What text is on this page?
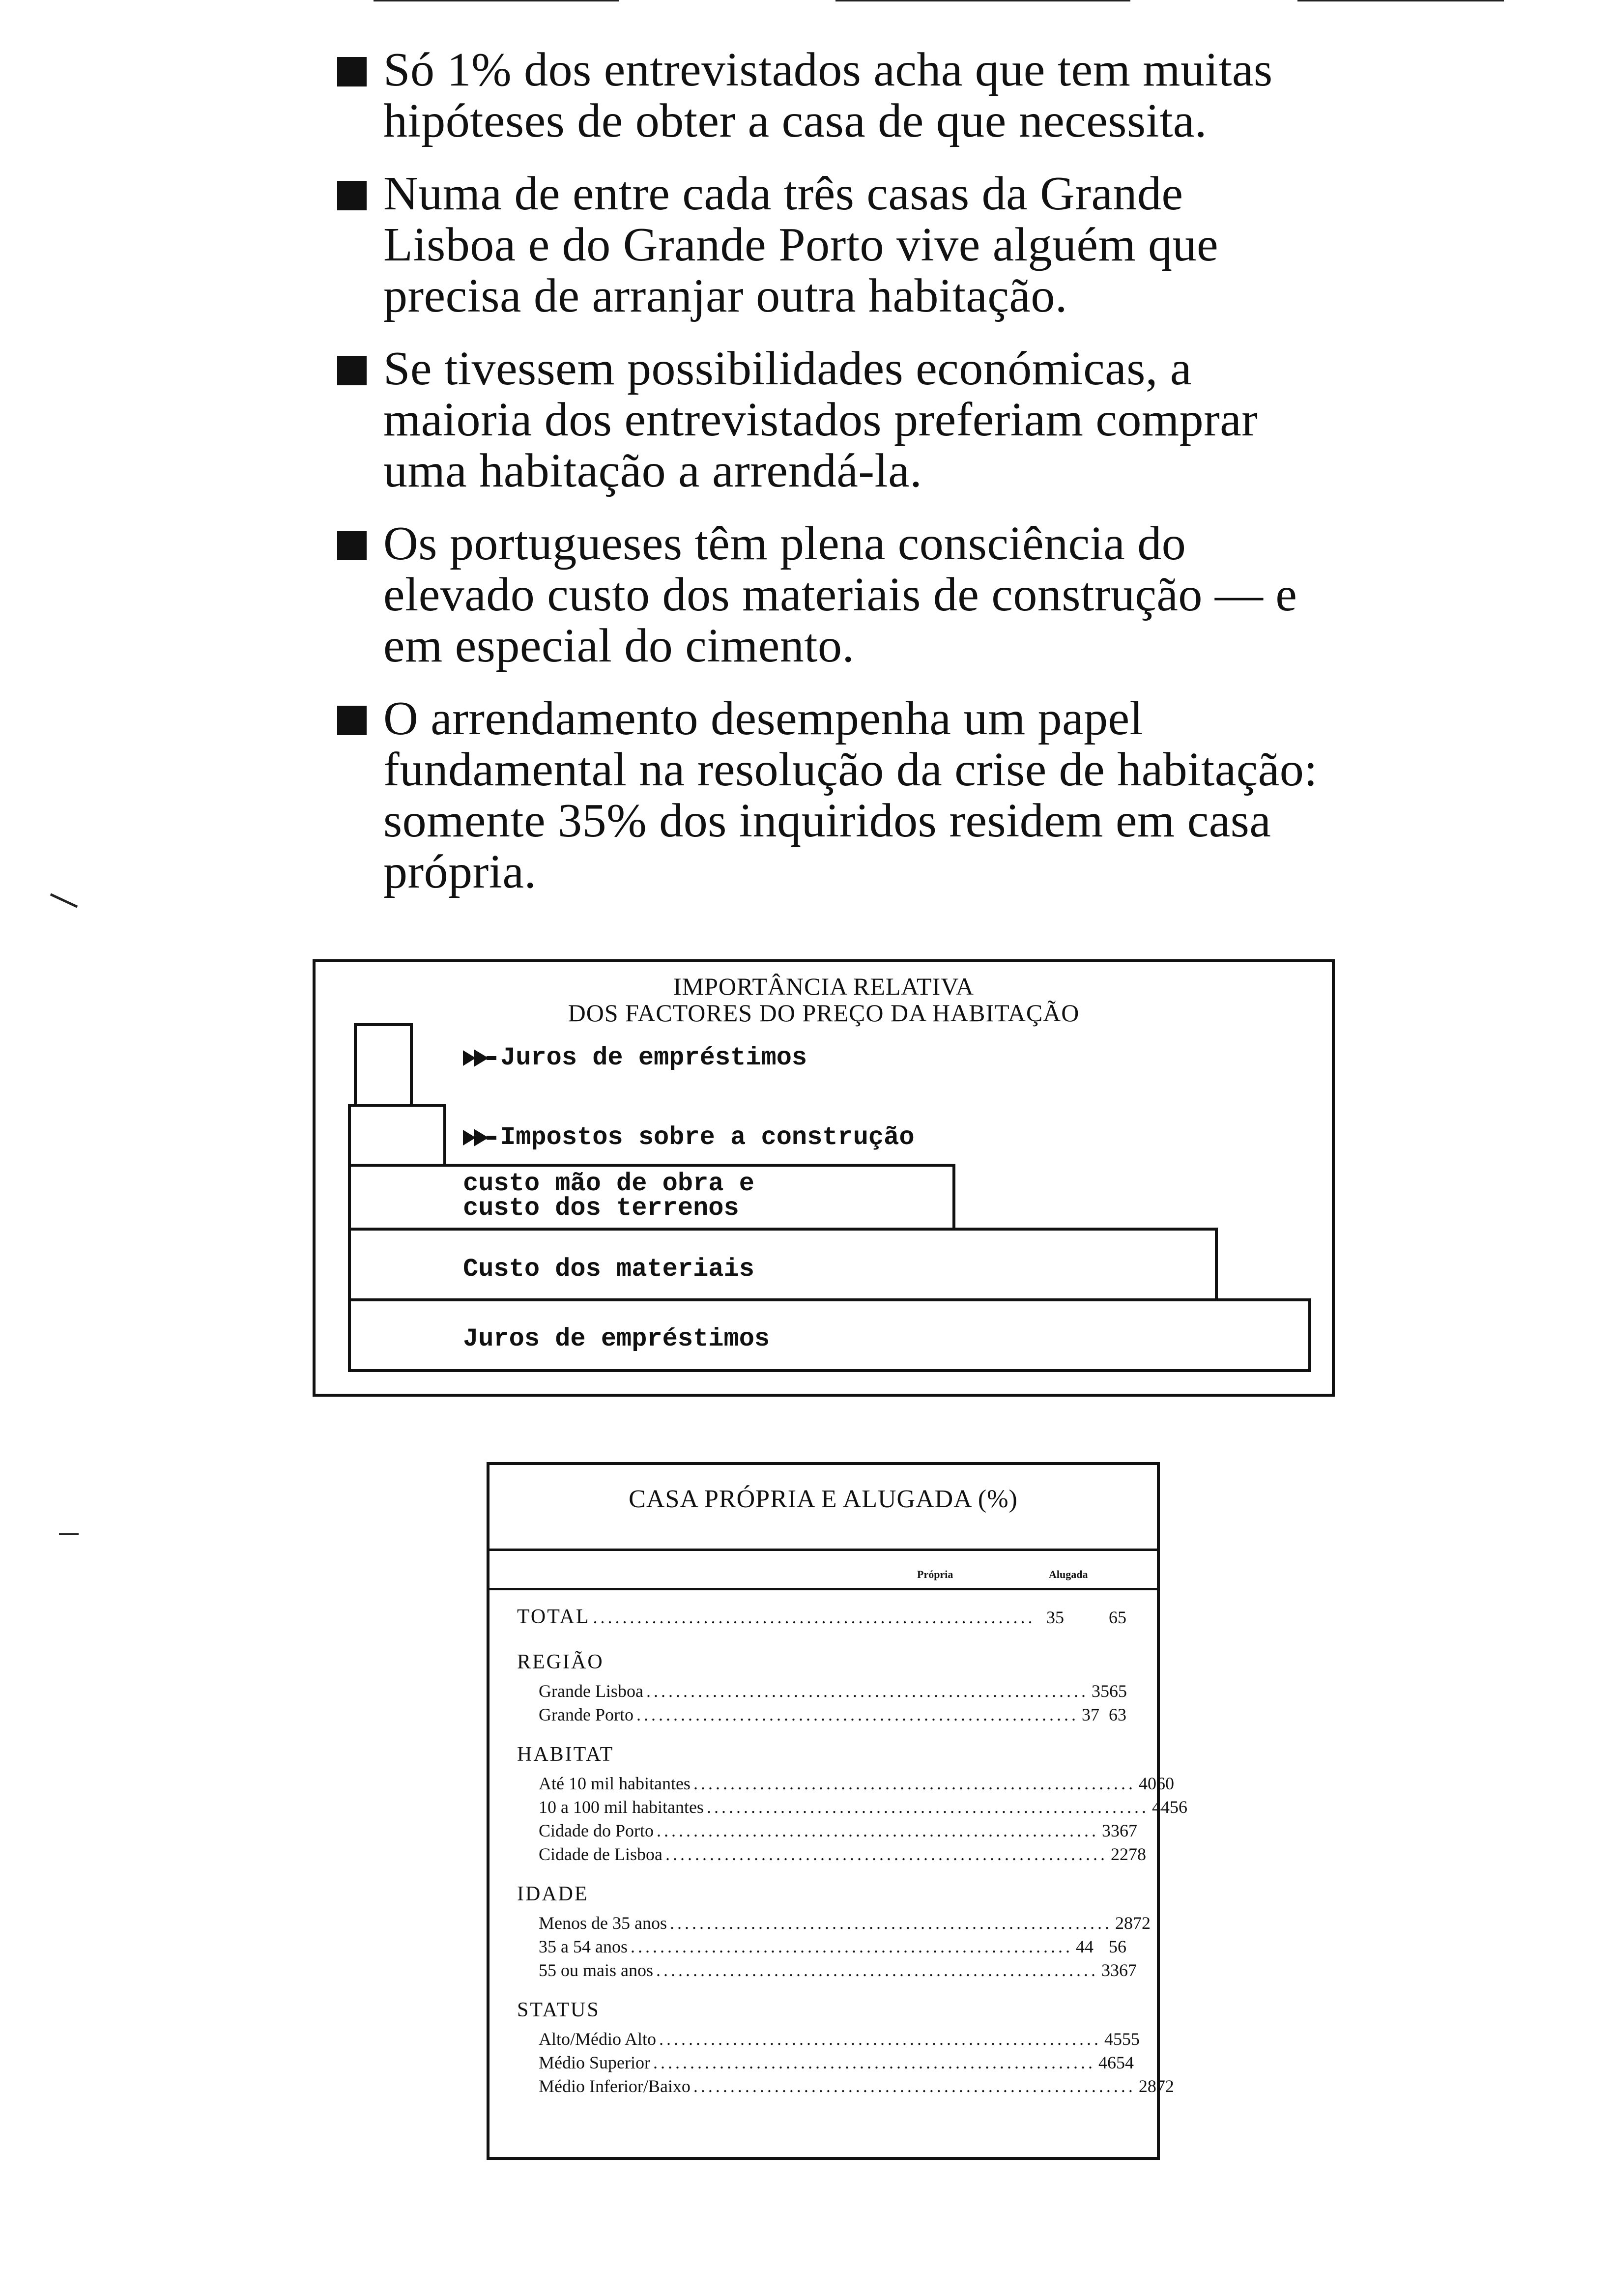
Só 1% dos entrevistados acha que tem muitas hipóteses de obter a casa de que necessita.
Numa de entre cada três casas da Grande Lisboa e do Grande Porto vive alguém que precisa de arranjar outra habitação.
Se tivessem possibilidades económicas, a maioria dos entrevistados preferiam comprar uma habitação a arrendá-la.
Os portugueses têm plena consciência do elevado custo dos materiais de construção — e em especial do cimento.
O arrendamento desempenha um papel fundamental na resolução da crise de habitação: somente 35% dos inquiridos residem em casa própria.
IMPORTÂNCIA RELATIVA
DOS FACTORES DO PREÇO DA HABITAÇÃO
Juros de empréstimos
Impostos sobre a construção
custo mão de obra e
custo dos terrenos
Custo dos materiais
Juros de empréstimos
CASA PRÓPRIA E ALUGADA (%)
Própria	Alugada
TOTAL ............................................................ 35	65
REGIÃO
Grande Lisboa ............................................................ 35 65
Grande Porto ............................................................ 37 63
HABITAT
Até 10 mil habitantes ............................................................ 40 60
10 a 100 mil habitantes ............................................................ 44 56
Cidade do Porto ............................................................ 33 67
Cidade de Lisboa ............................................................ 22 78
IDADE
Menos de 35 anos ............................................................ 28 72
35 a 54 anos ............................................................ 44 56
55 ou mais anos ............................................................ 33 67
STATUS
Alto/Médio Alto ............................................................ 45 55
Médio Superior ............................................................ 46 54
Médio Inferior/Baixo ............................................................ 28 72
